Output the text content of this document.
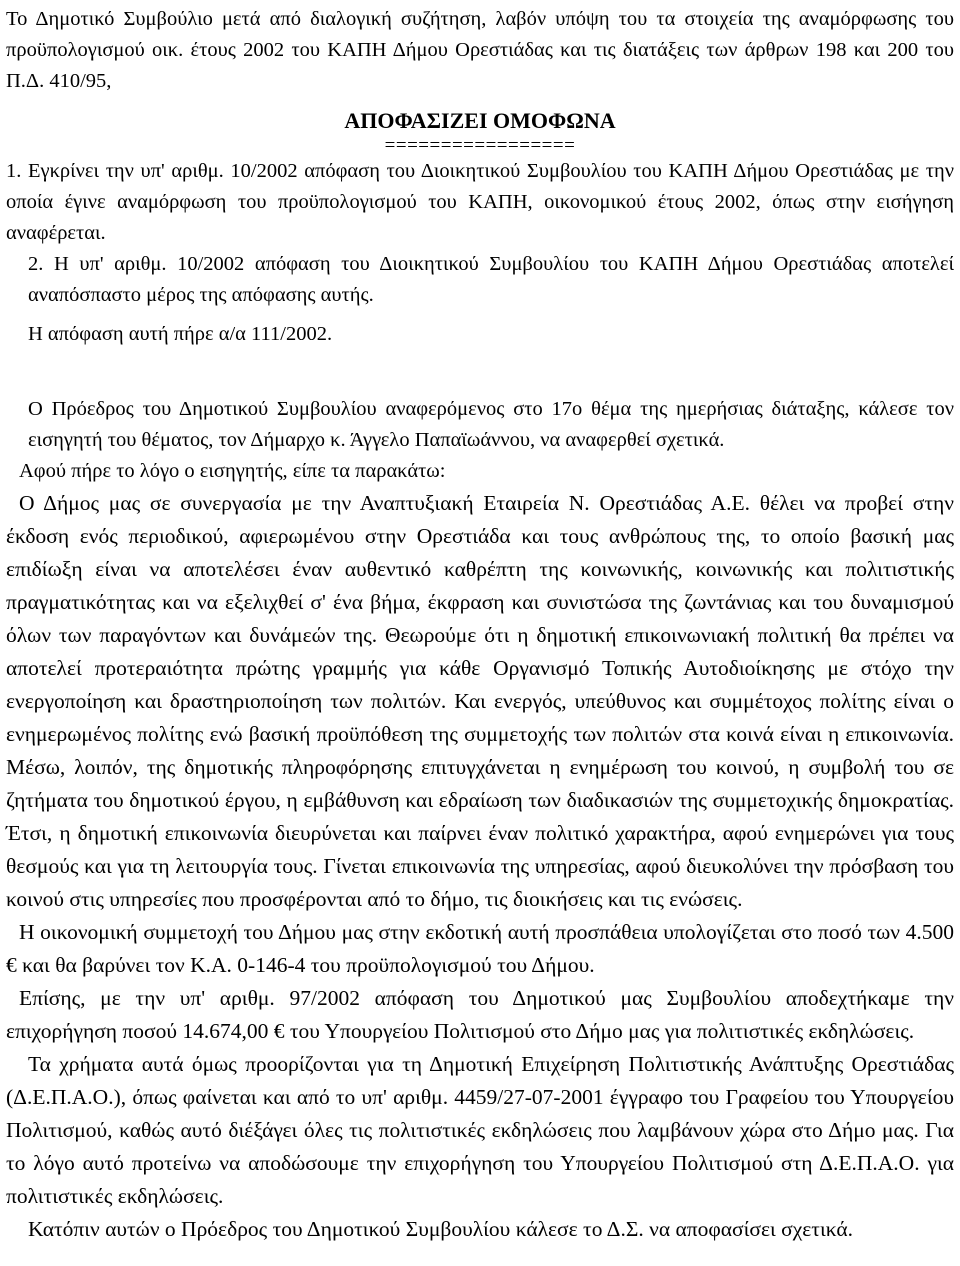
Το Δημοτικό Συμβούλιο μετά από διαλογική συζήτηση, λαβόν υπόψη του τα στοιχεία της αναμόρφωσης του προϋπολογισμού οικ. έτους 2002 του ΚΑΠΗ Δήμου Ορεστιάδας και τις διατάξεις των άρθρων 198 και 200 του Π.Δ. 410/95,

ΑΠΟΦΑΣΙΖΕΙ ΟΜΟΦΩΝΑ

=================

1. Εγκρίνει την υπ' αριθμ. 10/2002 απόφαση του Διοικητικού Συμβουλίου του ΚΑΠΗ Δήμου Ορεστιάδας με την οποία έγινε αναμόρφωση του προϋπολογισμού του ΚΑΠΗ, οικονομικού έτους 2002, όπως στην εισήγηση αναφέρεται.

2. Η υπ' αριθμ. 10/2002 απόφαση του Διοικητικού Συμβουλίου του ΚΑΠΗ Δήμου Ορεστιάδας αποτελεί αναπόσπαστο μέρος της απόφασης αυτής.

Η απόφαση αυτή πήρε α/α 111/2002.

Ο Πρόεδρος του Δημοτικού Συμβουλίου αναφερόμενος στο 17ο θέμα της ημερήσιας διάταξης, κάλεσε τον εισηγητή του θέματος, τον Δήμαρχο κ. Άγγελο Παπαϊωάννου, να αναφερθεί σχετικά.

Αφού πήρε το λόγο ο εισηγητής, είπε τα παρακάτω:

Ο Δήμος μας σε συνεργασία με την Αναπτυξιακή Εταιρεία Ν. Ορεστιάδας Α.Ε. θέλει να προβεί στην έκδοση ενός περιοδικού, αφιερωμένου στην Ορεστιάδα και τους ανθρώπους της, το οποίο βασική μας επιδίωξη είναι να αποτελέσει έναν αυθεντικό καθρέπτη της κοινωνικής, κοινωνικής και πολιτιστικής πραγματικότητας και να εξελιχθεί σ' ένα βήμα, έκφραση και συνιστώσα της ζωντάνιας και του δυναμισμού όλων των παραγόντων και δυνάμεών της. Θεωρούμε ότι η δημοτική επικοινωνιακή πολιτική θα πρέπει να αποτελεί προτεραιότητα πρώτης γραμμής για κάθε Οργανισμό Τοπικής Αυτοδιοίκησης με στόχο την ενεργοποίηση και δραστηριοποίηση των πολιτών. Και ενεργός, υπεύθυνος και συμμέτοχος πολίτης είναι ο ενημερωμένος πολίτης ενώ βασική προϋπόθεση της συμμετοχής των πολιτών στα κοινά είναι η επικοινωνία. Μέσω, λοιπόν, της δημοτικής πληροφόρησης επιτυγχάνεται η ενημέρωση του κοινού, η συμβολή του σε ζητήματα του δημοτικού έργου, η εμβάθυνση και εδραίωση των διαδικασιών της συμμετοχικής δημοκρατίας. Έτσι, η δημοτική επικοινωνία διευρύνεται και παίρνει έναν πολιτικό χαρακτήρα, αφού ενημερώνει για τους θεσμούς και για τη λειτουργία τους. Γίνεται επικοινωνία της υπηρεσίας, αφού διευκολύνει την πρόσβαση του κοινού στις υπηρεσίες που προσφέρονται από το δήμο, τις διοικήσεις και τις ενώσεις.

Η οικονομική συμμετοχή του Δήμου μας στην εκδοτική αυτή προσπάθεια υπολογίζεται στο ποσό των 4.500 € και θα βαρύνει τον Κ.Α. 0-146-4 του προϋπολογισμού του Δήμου.

Επίσης, με την υπ' αριθμ. 97/2002 απόφαση του Δημοτικού μας Συμβουλίου αποδεχτήκαμε την επιχορήγηση ποσού 14.674,00 € του Υπουργείου Πολιτισμού στο Δήμο μας για πολιτιστικές εκδηλώσεις.

Τα χρήματα αυτά όμως προορίζονται για τη Δημοτική Επιχείρηση Πολιτιστικής Ανάπτυξης Ορεστιάδας (Δ.Ε.Π.Α.Ο.), όπως φαίνεται και από το υπ' αριθμ. 4459/27-07-2001 έγγραφο του Γραφείου του Υπουργείου Πολιτισμού, καθώς αυτό διέξάγει όλες τις πολιτιστικές εκδηλώσεις που λαμβάνουν χώρα στο Δήμο μας. Για το λόγο αυτό προτείνω να αποδώσουμε την επιχορήγηση του Υπουργείου Πολιτισμού στη Δ.Ε.Π.Α.Ο. για πολιτιστικές εκδηλώσεις.

Κατόπιν αυτών ο Πρόεδρος του Δημοτικού Συμβουλίου κάλεσε το Δ.Σ. να αποφασίσει σχετικά.
